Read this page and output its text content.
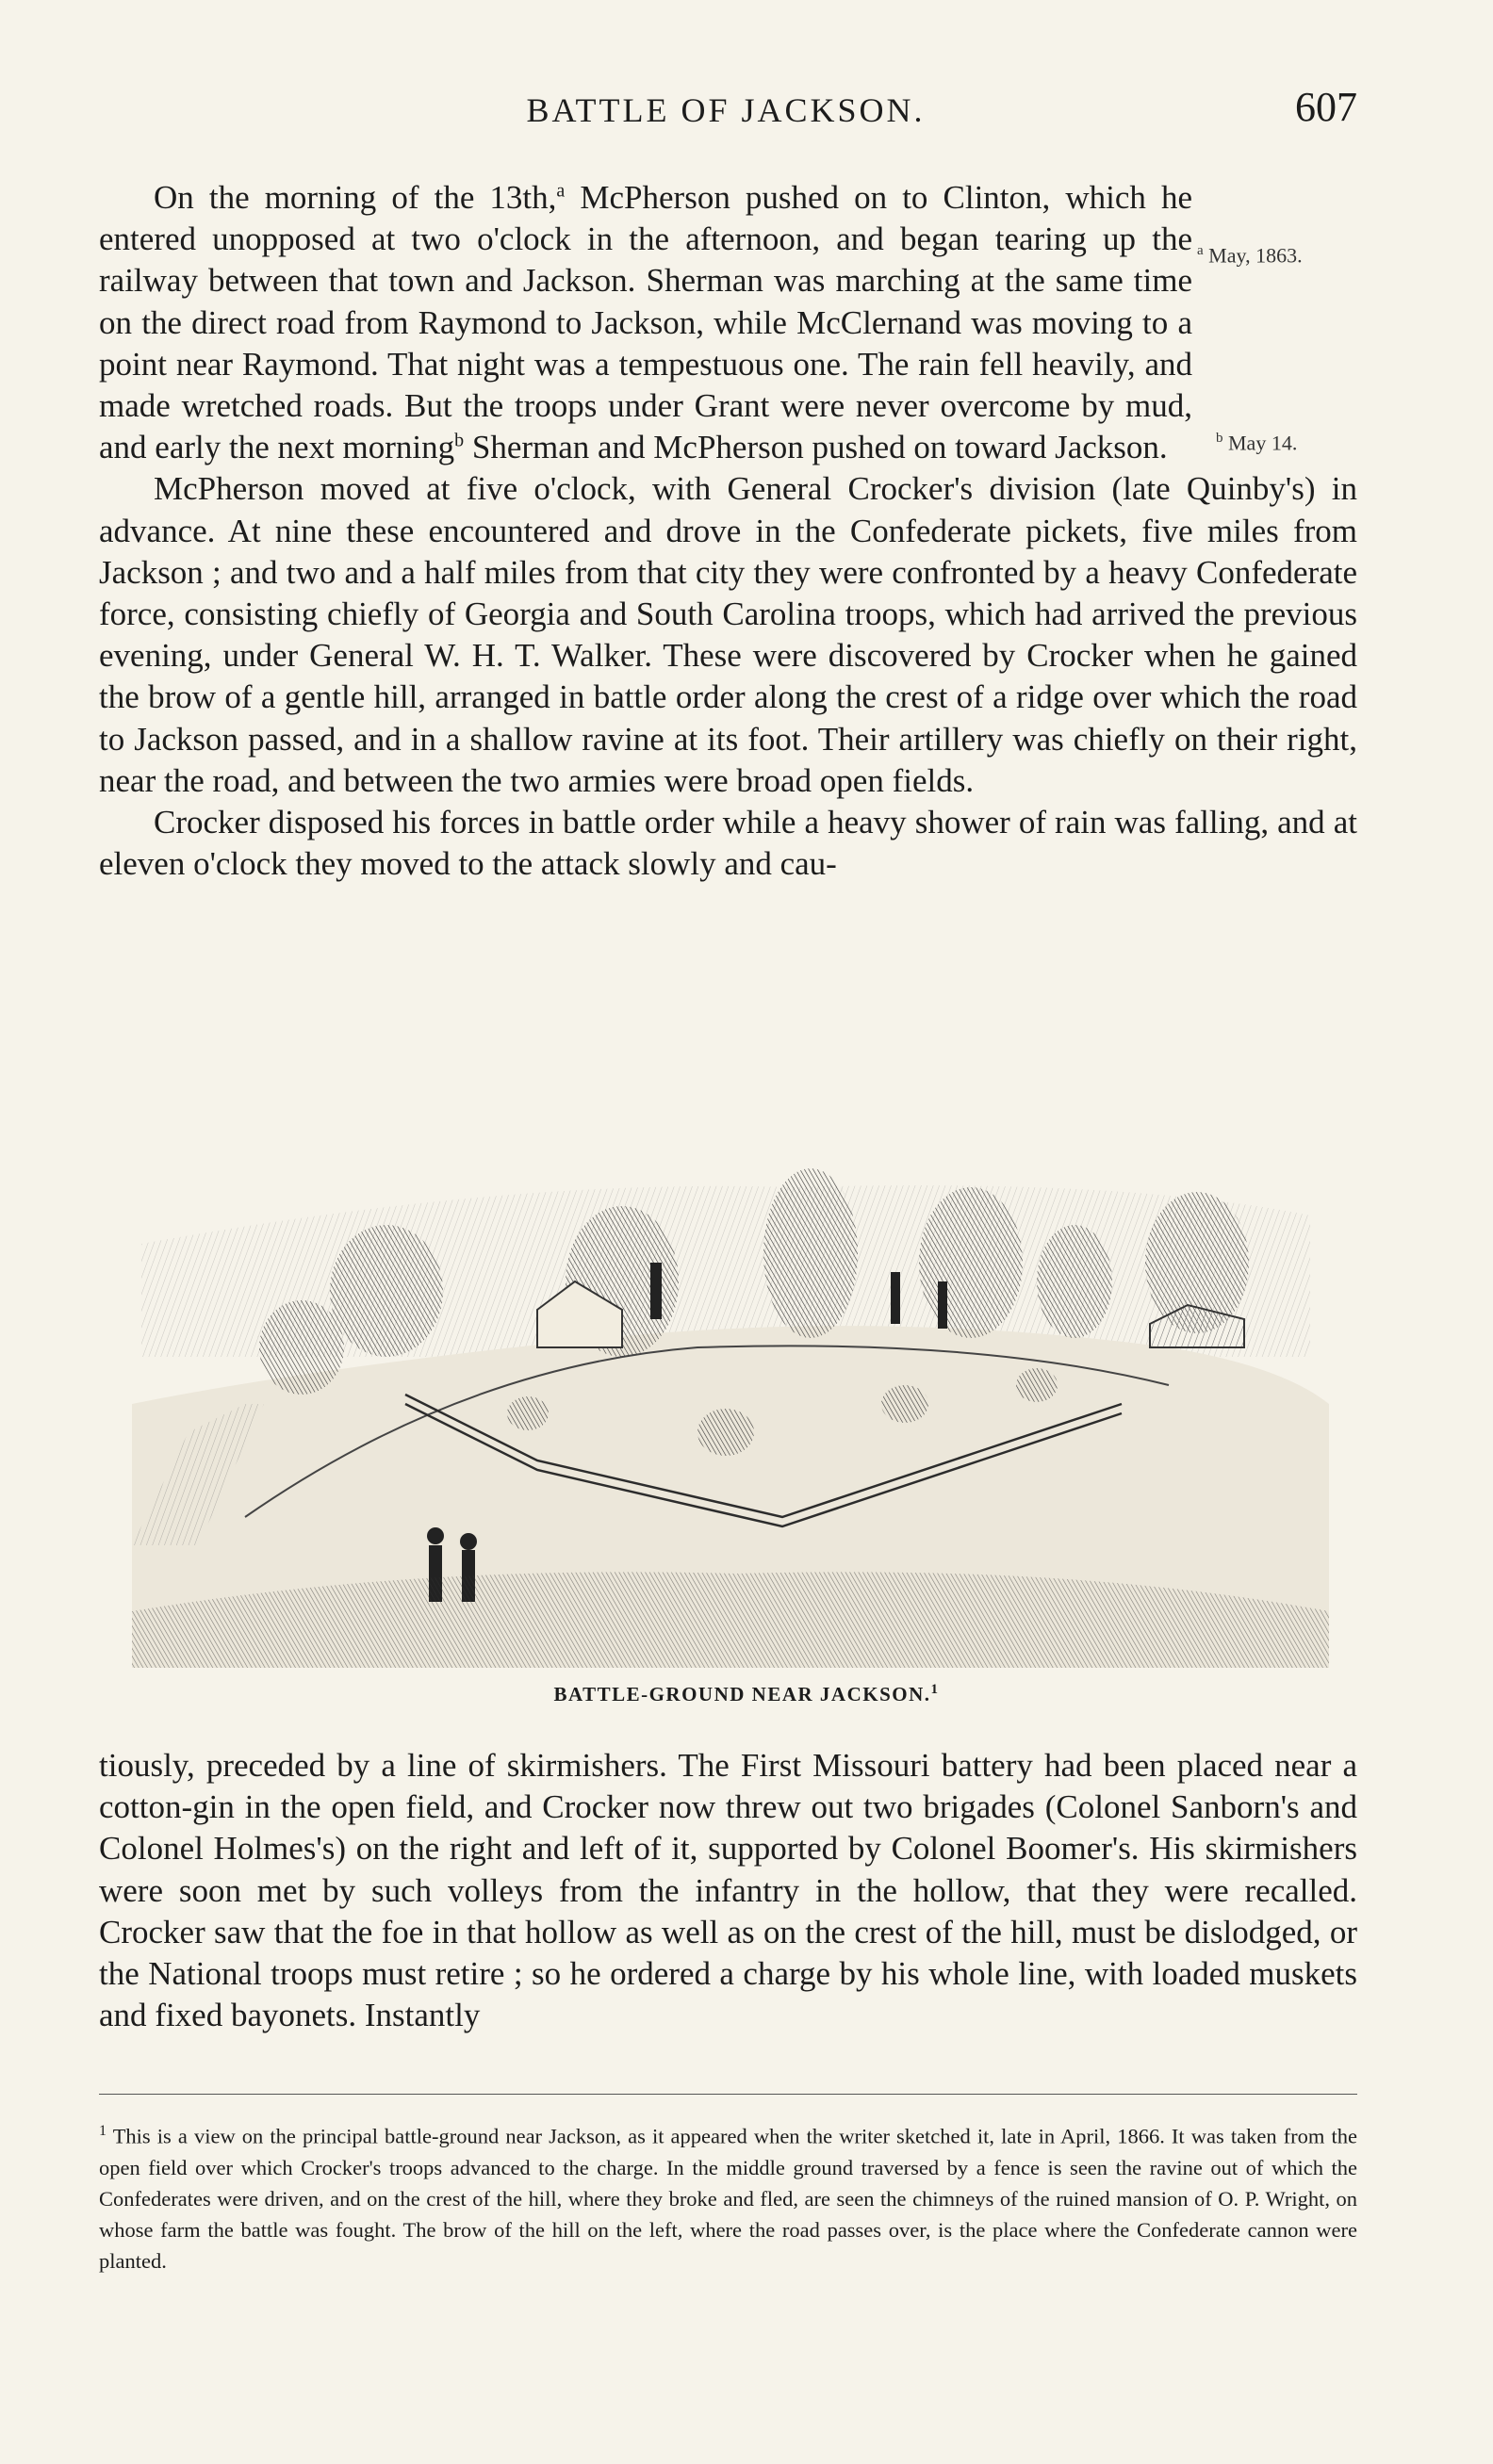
BATTLE OF JACKSON.	607
$^a$ May, 1863.
$^b$ May 14.

On the morning of the 13th,$^a$ McPherson pushed on to Clinton, which he entered unopposed at two o'clock in the afternoon, and began tearing up the railway between that town and Jackson. Sherman was marching at the same time on the direct road from Raymond to Jackson, while McClernand was moving to a point near Raymond. That night was a tempestuous one. The rain fell heavily, and made wretched roads. But the troops under Grant were never overcome by mud, and early the next morning$^b$ Sherman and McPherson pushed on toward Jackson.

McPherson moved at five o'clock, with General Crocker's division (late Quinby's) in advance. At nine these encountered and drove in the Confederate pickets, five miles from Jackson ; and two and a half miles from that city they were confronted by a heavy Confederate force, consisting chiefly of Georgia and South Carolina troops, which had arrived the previous evening, under General W. H. T. Walker. These were discovered by Crocker when he gained the brow of a gentle hill, arranged in battle order along the crest of a ridge over which the road to Jackson passed, and in a shallow ravine at its foot. Their artillery was chiefly on their right, near the road, and between the two armies were broad open fields.

Crocker disposed his forces in battle order while a heavy shower of rain was falling, and at eleven o'clock they moved to the attack slowly and cau-

BATTLE-GROUND NEAR JACKSON.$^1$

tiously, preceded by a line of skirmishers. The First Missouri battery had been placed near a cotton-gin in the open field, and Crocker now threw out two brigades (Colonel Sanborn's and Colonel Holmes's) on the right and left of it, supported by Colonel Boomer's. His skirmishers were soon met by such volleys from the infantry in the hollow, that they were recalled. Crocker saw that the foe in that hollow as well as on the crest of the hill, must be dislodged, or the National troops must retire ; so he ordered a charge by his whole line, with loaded muskets and fixed bayonets. Instantly

$^1$ This is a view on the principal battle-ground near Jackson, as it appeared when the writer sketched it, late in April, 1866. It was taken from the open field over which Crocker's troops advanced to the charge. In the middle ground traversed by a fence is seen the ravine out of which the Confederates were driven, and on the crest of the hill, where they broke and fled, are seen the chimneys of the ruined mansion of O. P. Wright, on whose farm the battle was fought. The brow of the hill on the left, where the road passes over, is the place where the Confederate cannon were planted.
